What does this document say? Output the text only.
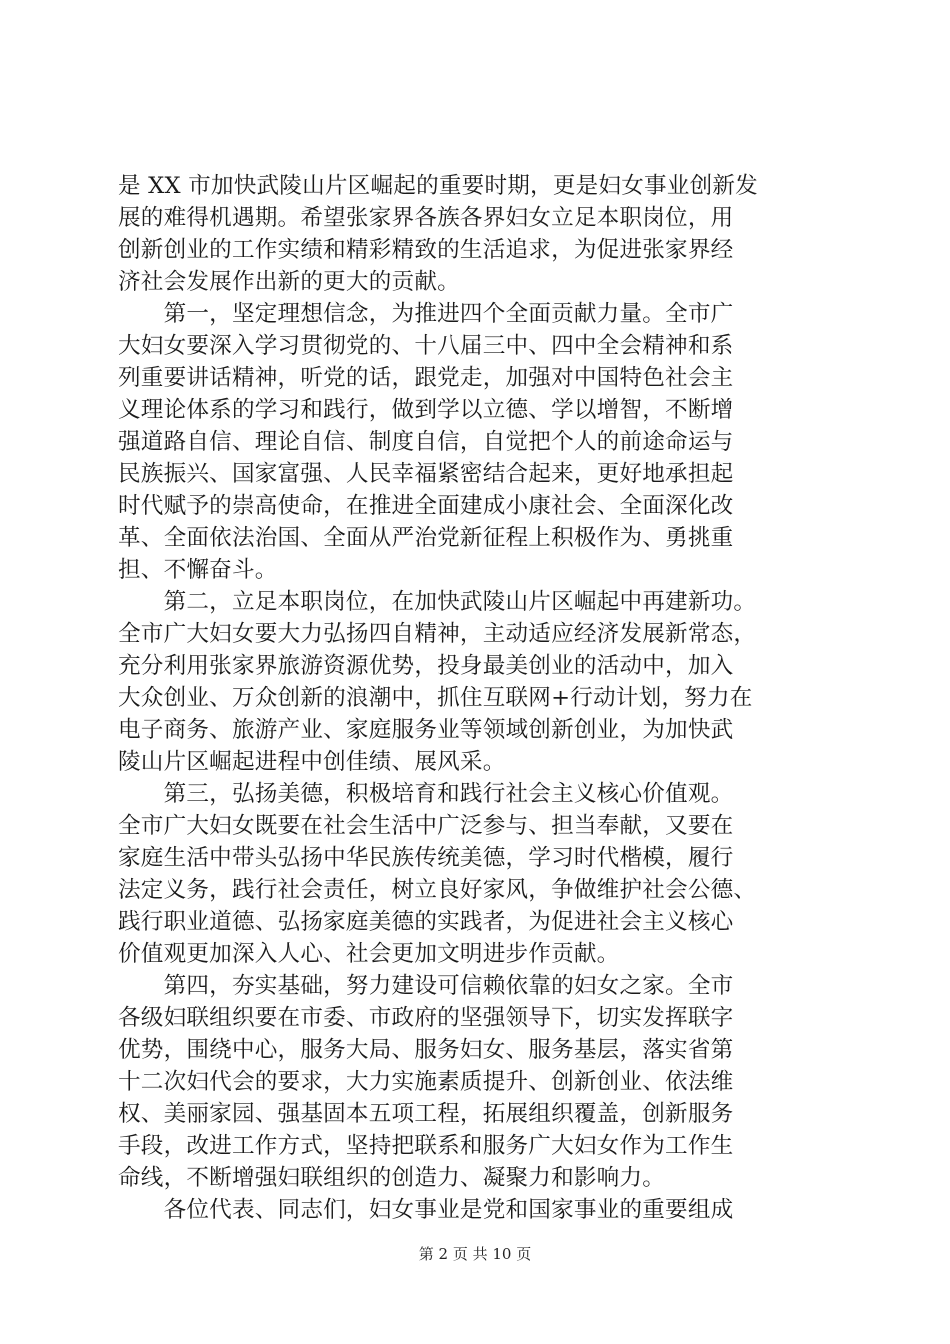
是 XX 市加快武陵山片区崛起的重要时期，更是妇女事业创新发
展的难得机遇期。希望张家界各族各界妇女立足本职岗位，用
创新创业的工作实绩和精彩精致的生活追求，为促进张家界经
济社会发展作出新的更大的贡献。
　　第一，坚定理想信念，为推进四个全面贡献力量。全市广
大妇女要深入学习贯彻党的、十八届三中、四中全会精神和系
列重要讲话精神，听党的话，跟党走，加强对中国特色社会主
义理论体系的学习和践行，做到学以立德、学以增智，不断增
强道路自信、理论自信、制度自信，自觉把个人的前途命运与
民族振兴、国家富强、人民幸福紧密结合起来，更好地承担起
时代赋予的崇高使命，在推进全面建成小康社会、全面深化改
革、全面依法治国、全面从严治党新征程上积极作为、勇挑重
担、不懈奋斗。
　　第二，立足本职岗位，在加快武陵山片区崛起中再建新功。
全市广大妇女要大力弘扬四自精神，主动适应经济发展新常态，
充分利用张家界旅游资源优势，投身最美创业的活动中，加入
大众创业、万众创新的浪潮中，抓住互联网+行动计划，努力在
电子商务、旅游产业、家庭服务业等领域创新创业，为加快武
陵山片区崛起进程中创佳绩、展风采。
　　第三，弘扬美德，积极培育和践行社会主义核心价值观。
全市广大妇女既要在社会生活中广泛参与、担当奉献，又要在
家庭生活中带头弘扬中华民族传统美德，学习时代楷模，履行
法定义务，践行社会责任，树立良好家风，争做维护社会公德、
践行职业道德、弘扬家庭美德的实践者，为促进社会主义核心
价值观更加深入人心、社会更加文明进步作贡献。
　　第四，夯实基础，努力建设可信赖依靠的妇女之家。全市
各级妇联组织要在市委、市政府的坚强领导下，切实发挥联字
优势，围绕中心，服务大局、服务妇女、服务基层，落实省第
十二次妇代会的要求，大力实施素质提升、创新创业、依法维
权、美丽家园、强基固本五项工程，拓展组织覆盖，创新服务
手段，改进工作方式，坚持把联系和服务广大妇女作为工作生
命线，不断增强妇联组织的创造力、凝聚力和影响力。
　　各位代表、同志们，妇女事业是党和国家事业的重要组成
第 2 页 共 10 页
